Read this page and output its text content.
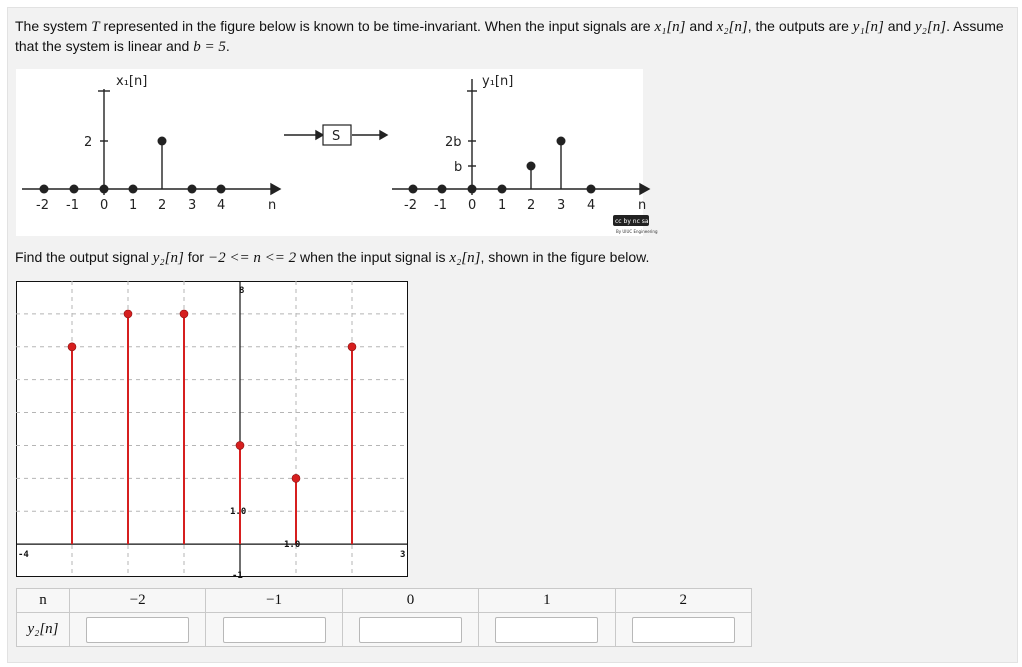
The system T represented in the figure below is known to be time-invariant. When the input signals are x₁[n] and x₂[n], the outputs are y₁[n] and y₂[n]. Assume
that the system is linear and b = 5.
x₁[n]	y₁[n]
S
2	2b
b
-2 -1 0 1 2 3 4	n	-2 -1 0 1 2 3 4	n
cc by nc sa
By UIUC Engineering
Find the output signal y₂[n] for −2 <= n <= 2 when the input signal is x₂[n], shown in the figure below.
8
1.0
1.0
-4	3
-1
n	−2	−1	0	1	2
y₂[n]					
